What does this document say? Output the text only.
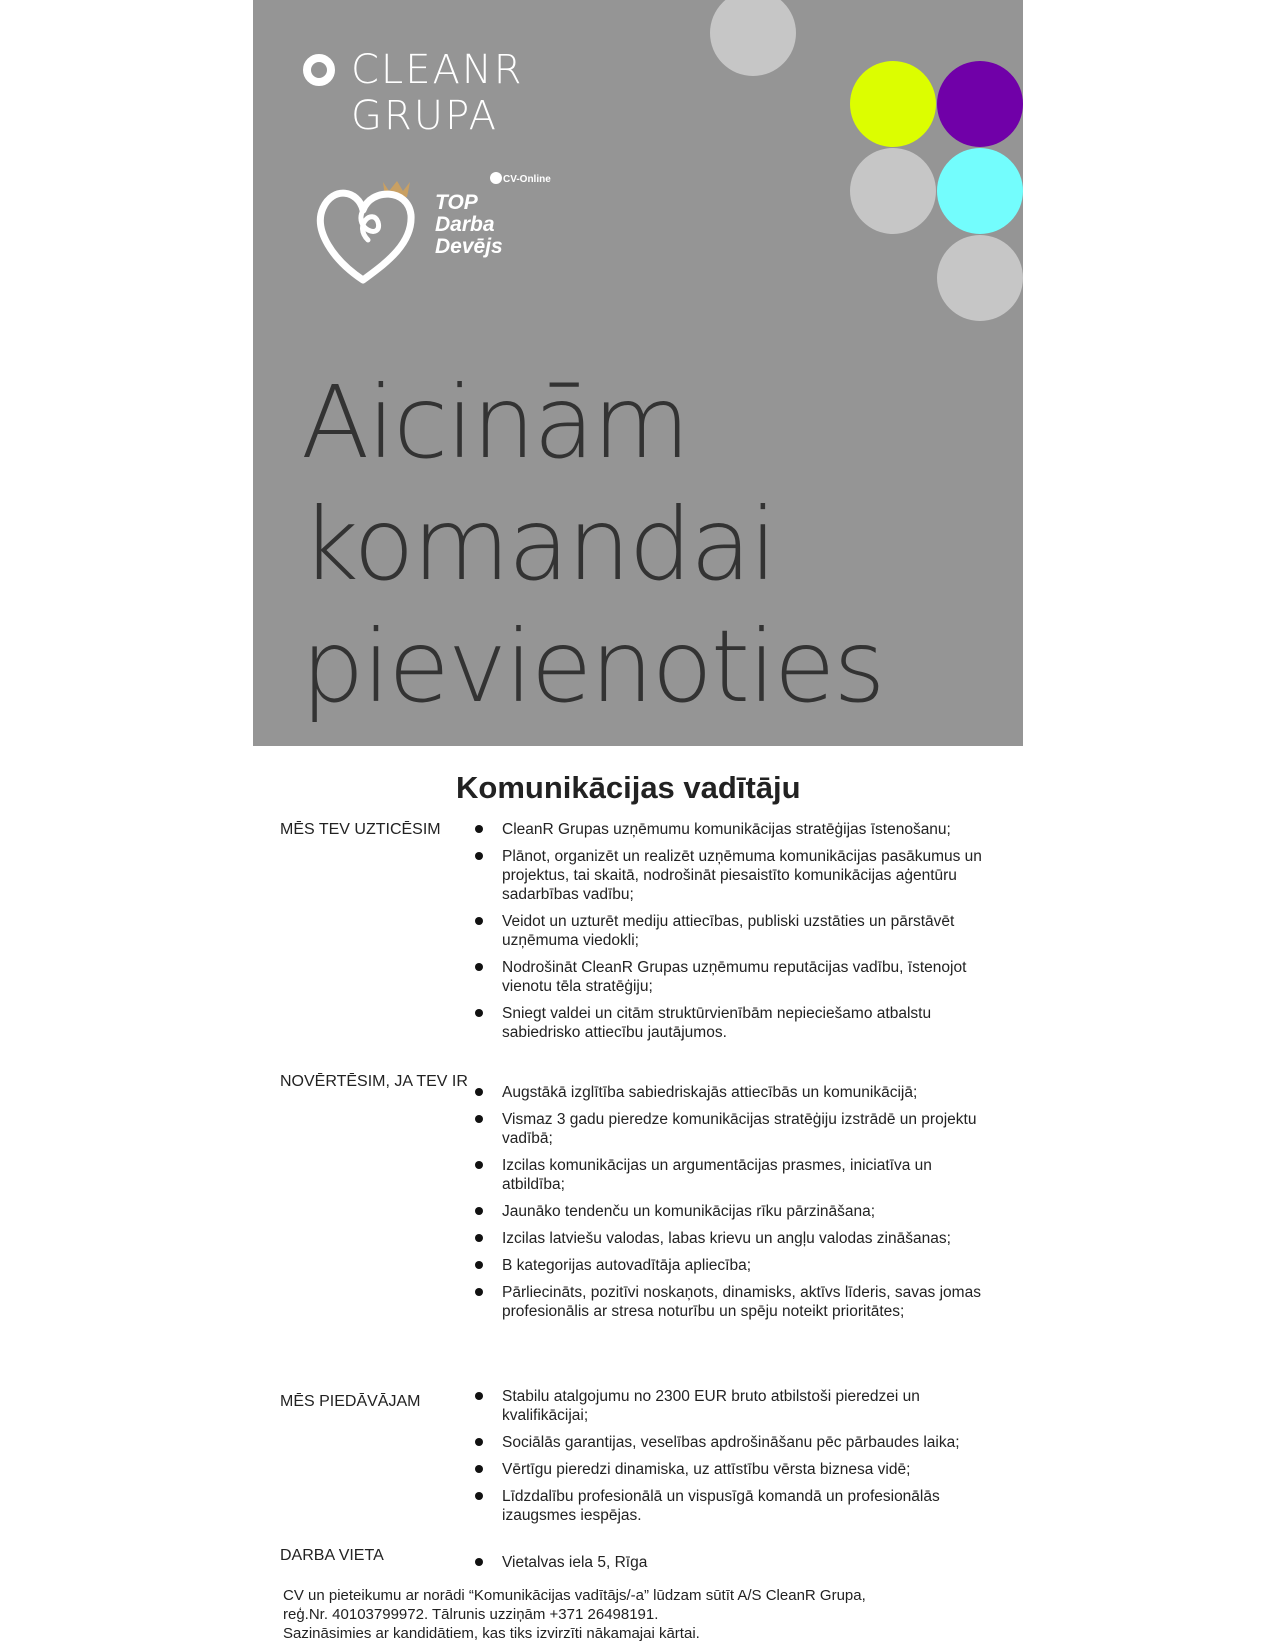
CLEANR
GRUPA
CV-Online
TOP
Darba
Devējs
Aicinām
komandai
pievienoties
Komunikācijas vadītāju
MĒS TEV UZTICĒSIM	CleanR Grupas uzņēmumu komunikācijas stratēģijas īstenošanu;
Plānot, organizēt un realizēt uzņēmuma komunikācijas pasākumus un projektus, tai skaitā, nodrošināt piesaistīto komunikācijas aģentūru sadarbības vadību;
Veidot un uzturēt mediju attiecības, publiski uzstāties un pārstāvēt uzņēmuma viedokli;
Nodrošināt CleanR Grupas uzņēmumu reputācijas vadību, īstenojot vienotu tēla stratēģiju;
Sniegt valdei un citām struktūrvienībām nepieciešamo atbalstu sabiedrisko attiecību jautājumos.
NOVĒRTĒSIM, JA TEV IR
Augstākā izglītība sabiedriskajās attiecībās un komunikācijā;
Vismaz 3 gadu pieredze komunikācijas stratēģiju izstrādē un projektu vadībā;
Izcilas komunikācijas un argumentācijas prasmes, iniciatīva un atbildība;
Jaunāko tendenču un komunikācijas rīku pārzināšana;
Izcilas latviešu valodas, labas krievu un angļu valodas zināšanas;
B kategorijas autovadītāja apliecība;
Pārliecināts, pozitīvi noskaņots, dinamisks, aktīvs līderis, savas jomas profesionālis ar stresa noturību un spēju noteikt prioritātes;
MĒS PIEDĀVĀJAM	Stabilu atalgojumu no 2300 EUR bruto atbilstoši pieredzei un kvalifikācijai;
Sociālās garantijas, veselības apdrošināšanu pēc pārbaudes laika;
Vērtīgu pieredzi dinamiska, uz attīstību vērsta biznesa vidē;
Līdzdalību profesionālā un vispusīgā komandā un profesionālās izaugsmes iespējas.
DARBA VIETA	Vietalvas iela 5, Rīga
CV un pieteikumu ar norādi “Komunikācijas vadītājs/-a” lūdzam sūtīt A/S CleanR Grupa,
reģ.Nr. 40103799972. Tālrunis uzziņām +371 26498191.
Sazināsimies ar kandidātiem, kas tiks izvirzīti nākamajai kārtai.
